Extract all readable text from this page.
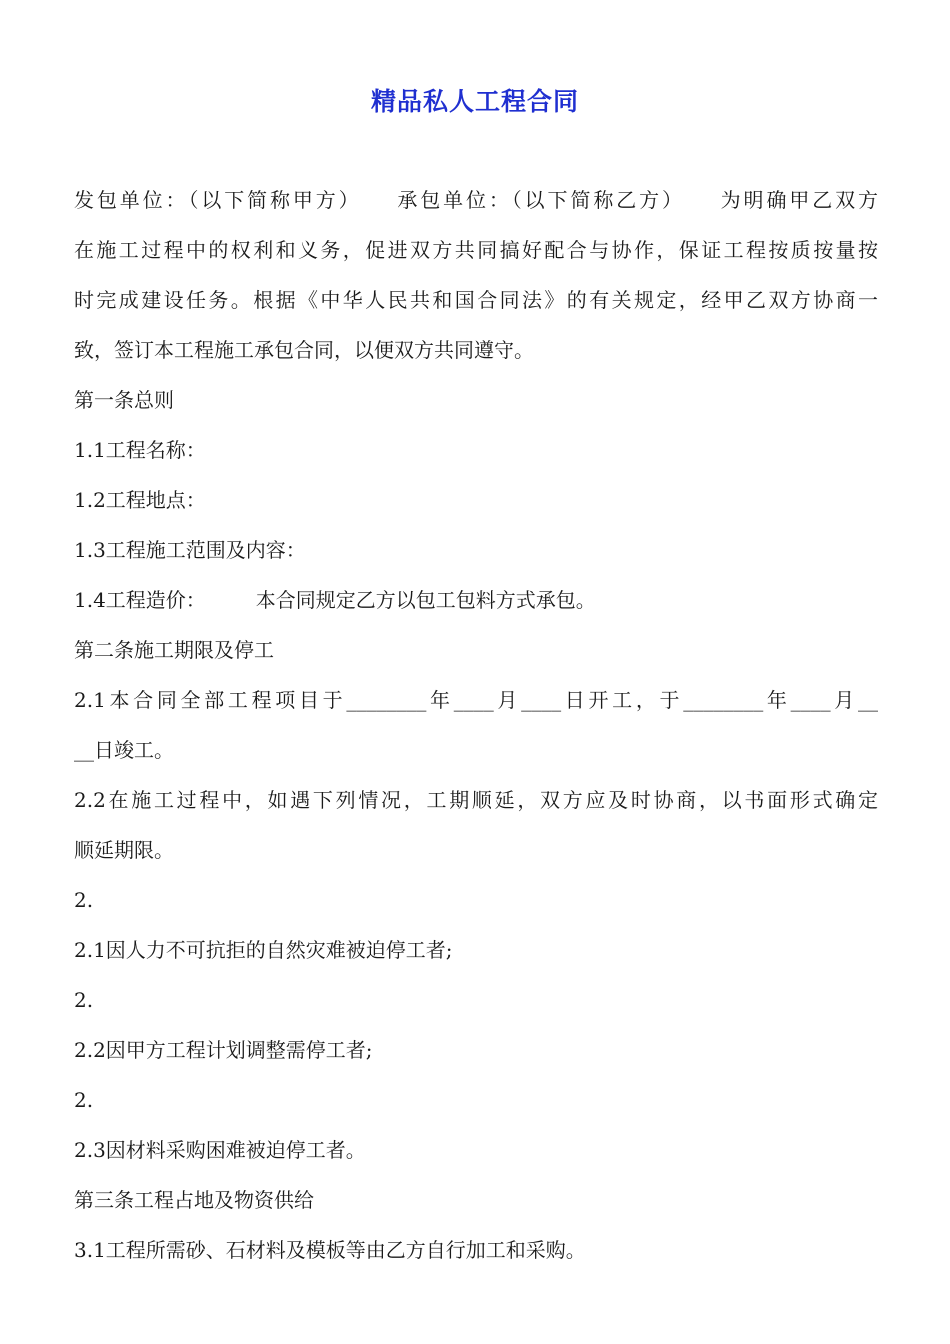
精品私人工程合同
发包单位：（以下简称甲方）　　承包单位：（以下简称乙方）　　为明确甲乙双方
在施工过程中的权利和义务，促进双方共同搞好配合与协作，保证工程按质按量按
时完成建设任务。根据《中华人民共和国合同法》的有关规定，经甲乙双方协商一
致，签订本工程施工承包合同，以便双方共同遵守。
第一条总则
1.1工程名称：
1.2工程地点：
1.3工程施工范围及内容：
1.4工程造价：　　　本合同规定乙方以包工包料方式承包。
第二条施工期限及停工
2.1本合同全部工程项目于________年____月____日开工，于________年____月__
__日竣工。
2.2在施工过程中，如遇下列情况，工期顺延，双方应及时协商，以书面形式确定
顺延期限。
2.
2.1因人力不可抗拒的自然灾难被迫停工者;
2.
2.2因甲方工程计划调整需停工者;
2.
2.3因材料采购困难被迫停工者。
第三条工程占地及物资供给
3.1工程所需砂、石材料及模板等由乙方自行加工和采购。
